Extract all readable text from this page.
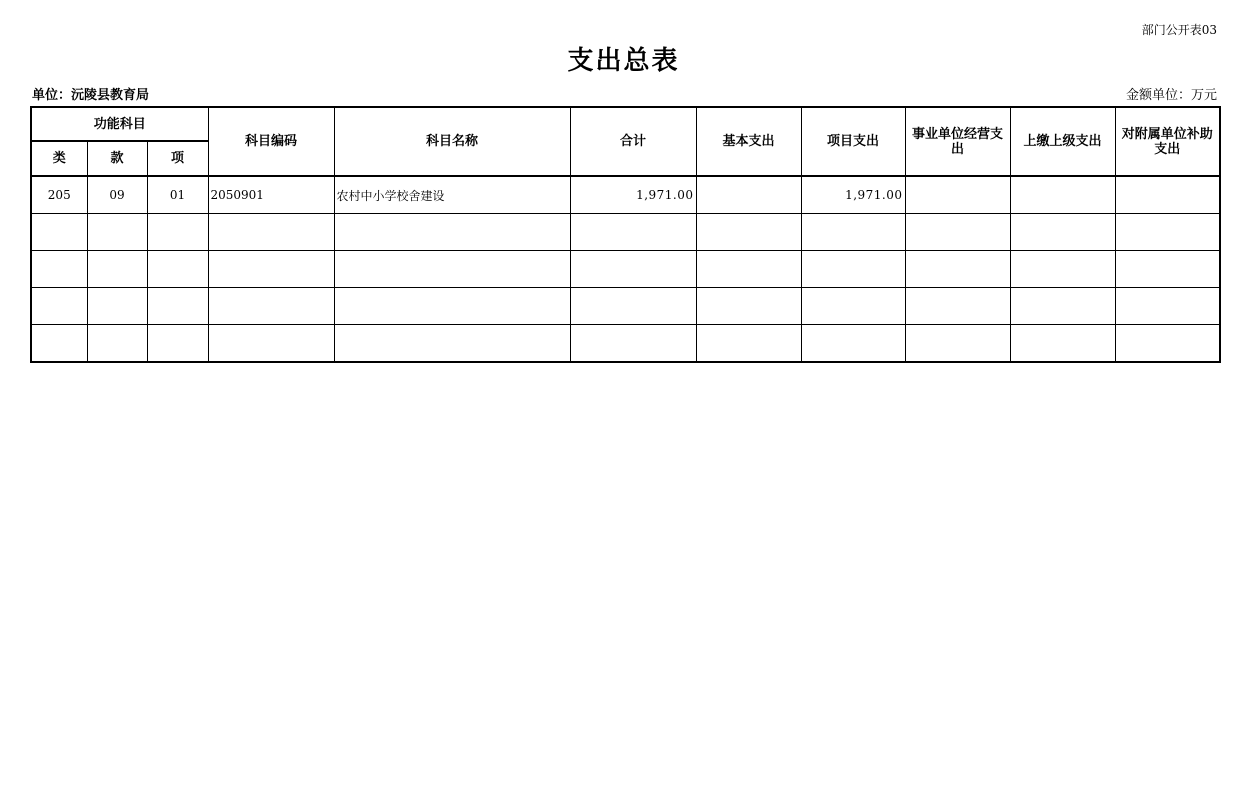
部门公开表03
支出总表
单位：沅陵县教育局	金额单位：万元
功能科目			科目编码	科目名称	合计	基本支出	项目支出	事业单位经营支出	上缴上级支出	对附属单位补助支出
类	款	项								
205	09	01	2050901	农村中小学校舍建设	1,971.00		1,971.00			
